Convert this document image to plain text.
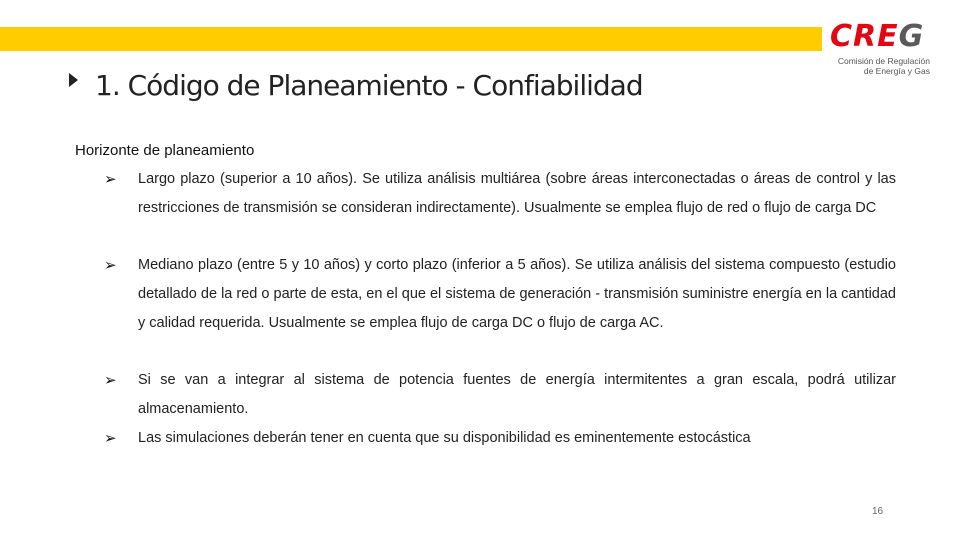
CREG
Comisión de Regulación
de Energía y Gas
1. Código de Planeamiento - Confiabilidad
Horizonte de planeamiento
➢ Largo plazo (superior a 10 años). Se utiliza análisis multiárea (sobre áreas interconectadas o áreas de control y las restricciones de transmisión se consideran indirectamente). Usualmente se emplea flujo de red o flujo de carga DC
➢ Mediano plazo (entre 5 y 10 años) y corto plazo (inferior a 5 años). Se utiliza análisis del sistema compuesto (estudio detallado de la red o parte de esta, en el que el sistema de generación - transmisión suministre energía en la cantidad y calidad requerida. Usualmente se emplea flujo de carga DC o flujo de carga AC.
➢ Si se van a integrar al sistema de potencia fuentes de energía intermitentes a gran escala, podrá utilizar almacenamiento.
➢ Las simulaciones deberán tener en cuenta que su disponibilidad es eminentemente estocástica
16
